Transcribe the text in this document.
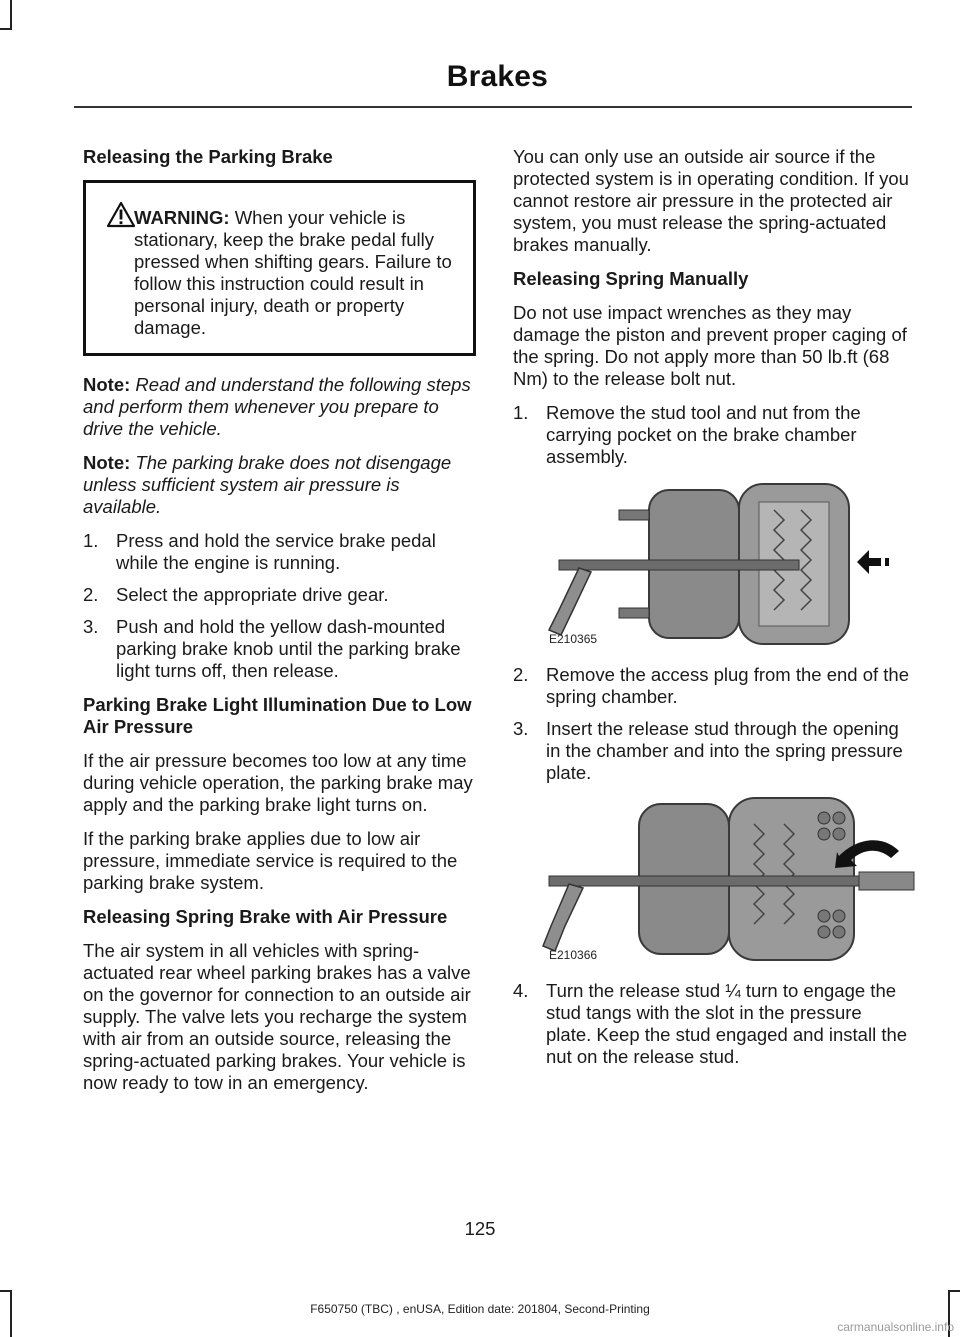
Brakes
Releasing the Parking Brake

WARNING: When your vehicle is stationary, keep the brake pedal fully pressed when shifting gears. Failure to follow this instruction could result in personal injury, death or property damage.

Note: Read and understand the following steps and perform them whenever you prepare to drive the vehicle.

Note: The parking brake does not disengage unless sufficient system air pressure is available.

1. Press and hold the service brake pedal while the engine is running.
2. Select the appropriate drive gear.
3. Push and hold the yellow dash-mounted parking brake knob until the parking brake light turns off, then release.
Parking Brake Light Illumination Due to Low Air Pressure

If the air pressure becomes too low at any time during vehicle operation, the parking brake may apply and the parking brake light turns on.

If the parking brake applies due to low air pressure, immediate service is required to the parking brake system.

Releasing Spring Brake with Air Pressure

The air system in all vehicles with spring-actuated rear wheel parking brakes has a valve on the governor for connection to an outside air supply. The valve lets you recharge the system with air from an outside source, releasing the spring-actuated parking brakes. Your vehicle is now ready to tow in an emergency.

You can only use an outside air source if the protected system is in operating condition. If you cannot restore air pressure in the protected air system, you must release the spring-actuated brakes manually.

Releasing Spring Manually

Do not use impact wrenches as they may damage the piston and prevent proper caging of the spring. Do not apply more than 50 lb.ft (68 Nm) to the release bolt nut.

1. Remove the stud tool and nut from the carrying pocket on the brake chamber assembly.
E210365
2. Remove the access plug from the end of the spring chamber.
3. Insert the release stud through the opening in the chamber and into the spring pressure plate.
E210366
4. Turn the release stud ¼ turn to engage the stud tangs with the slot in the pressure plate. Keep the stud engaged and install the nut on the release stud.
125
F650750 (TBC) , enUSA, Edition date: 201804, Second-Printing
carmanualsonline.info
